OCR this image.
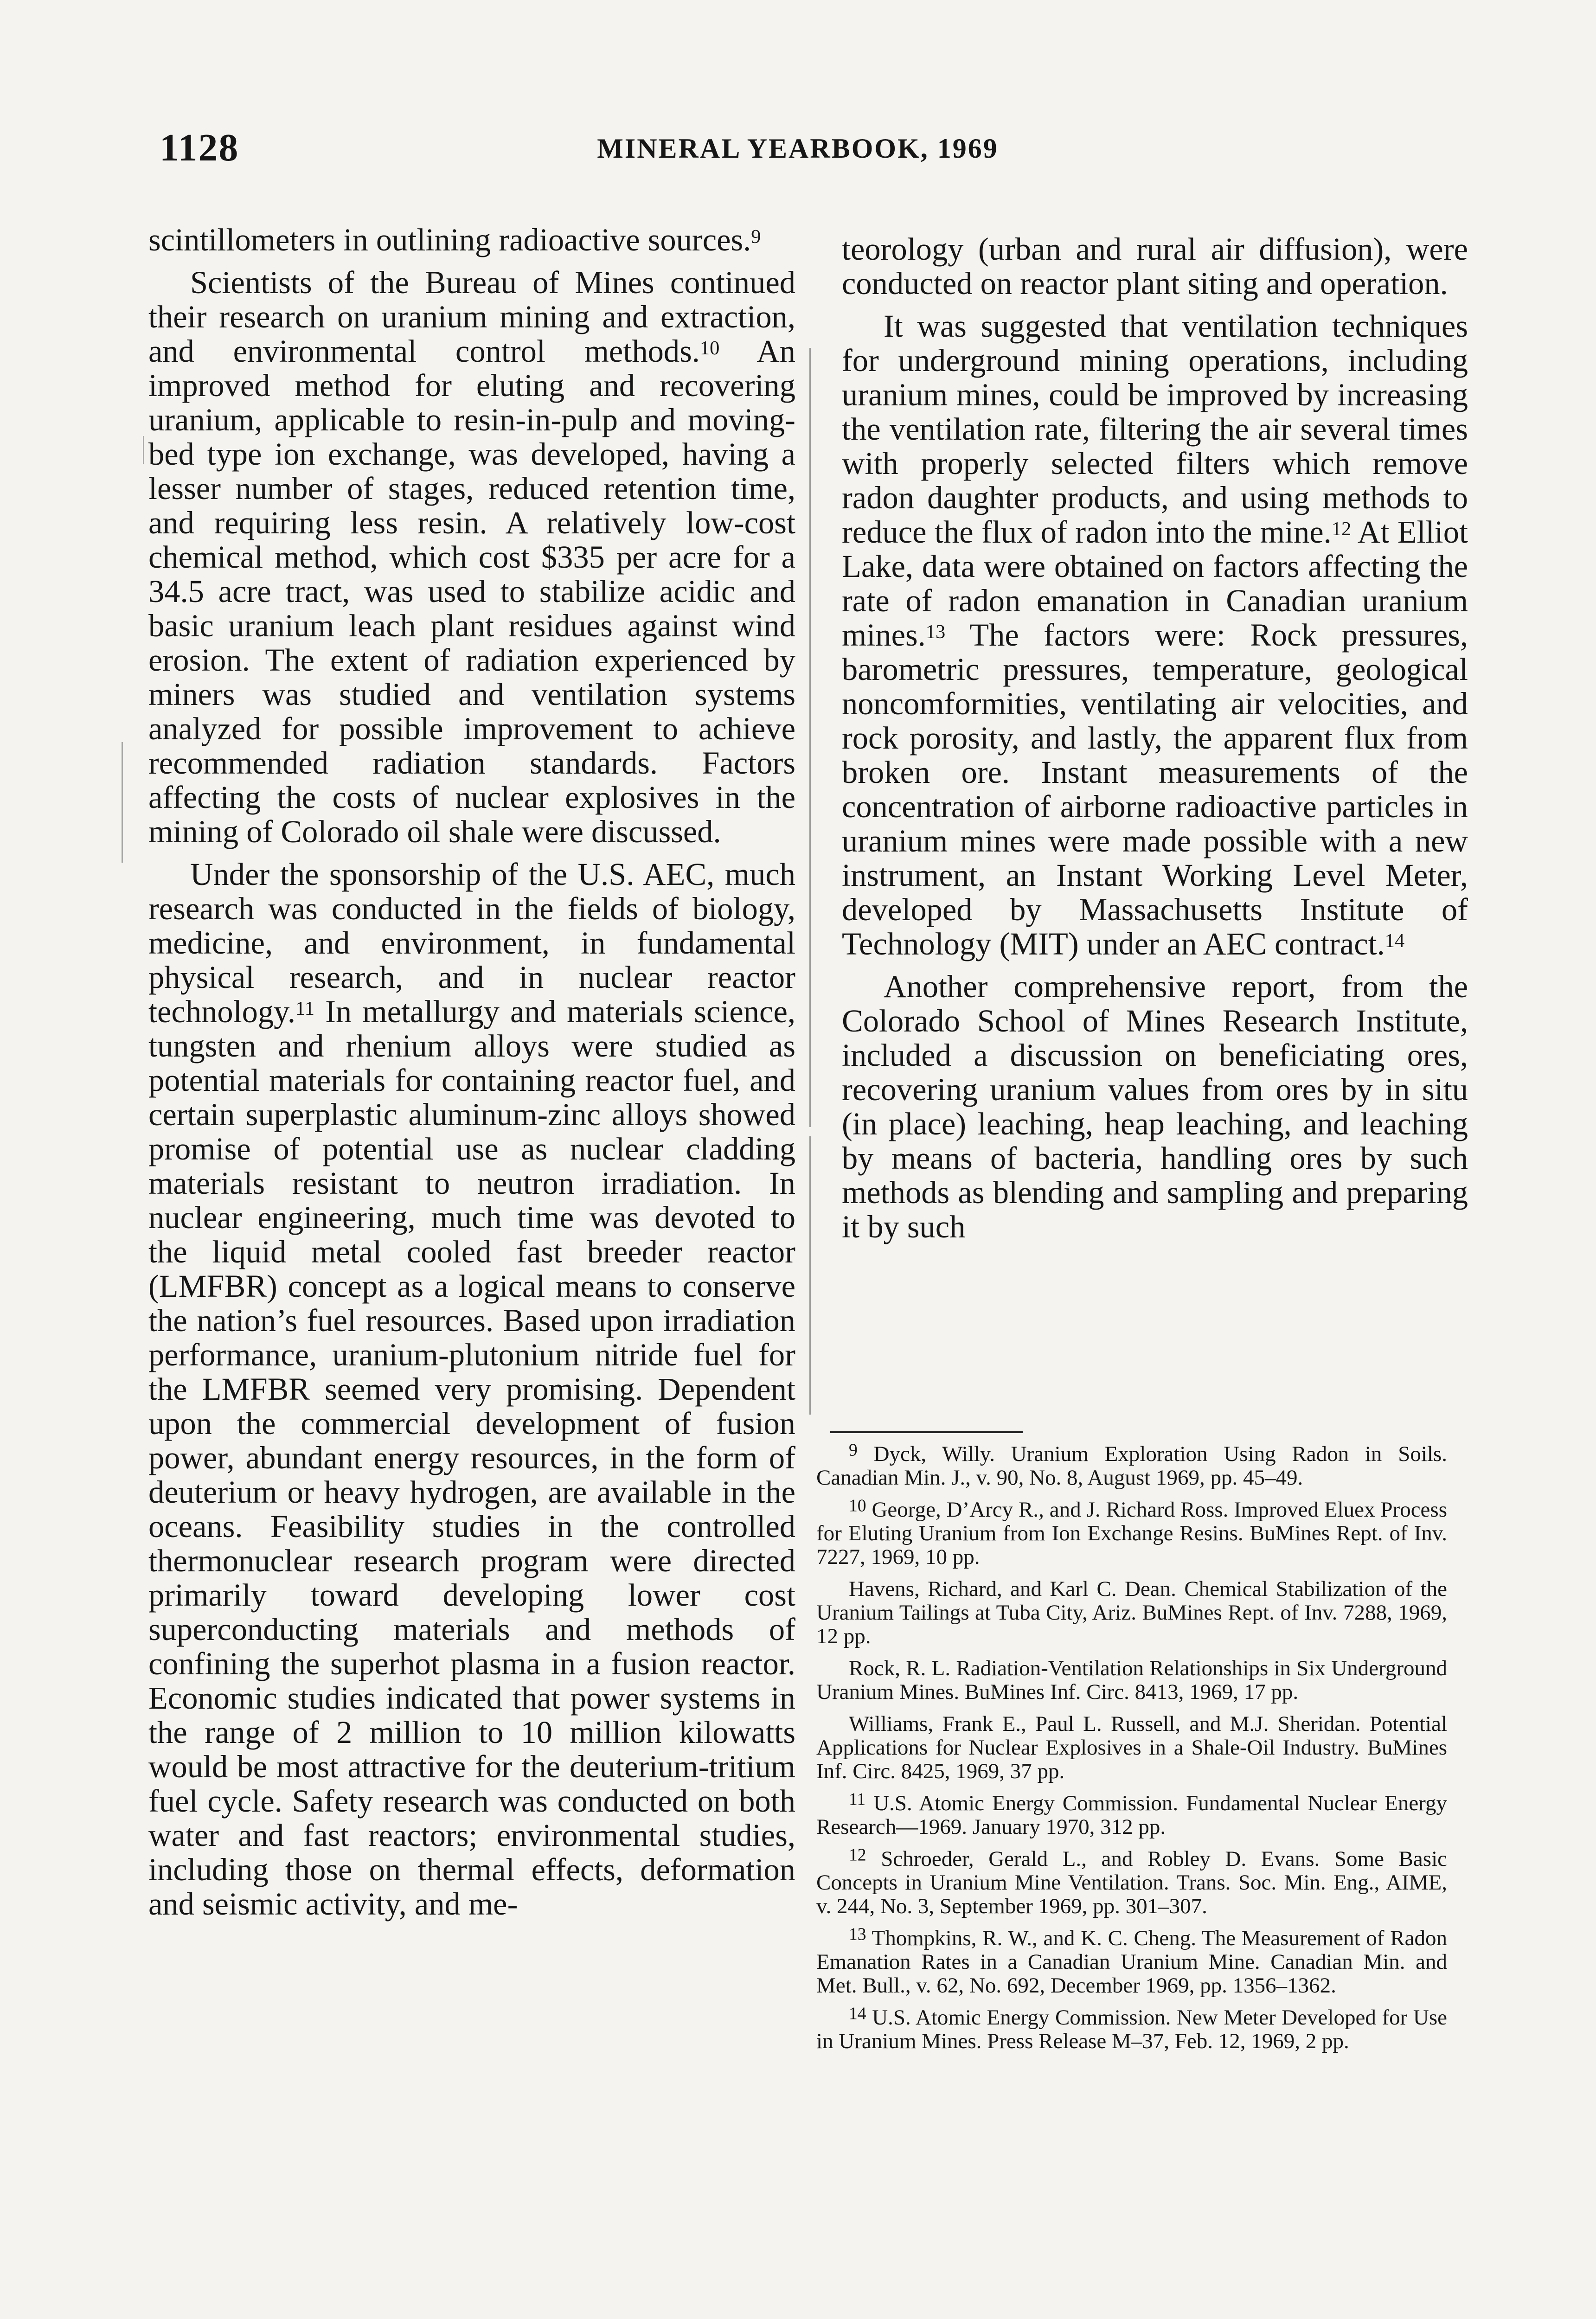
1128	MINERAL YEARBOOK, 1969

scintillometers in outlining radioactive sources.$^9$

Scientists of the Bureau of Mines continued their research on uranium mining and extraction, and environmental control methods.$^{10}$ An improved method for eluting and recovering uranium, applicable to resin-in-pulp and moving-bed type ion exchange, was developed, having a lesser number of stages, reduced retention time, and requiring less resin. A relatively low-cost chemical method, which cost $335 per acre for a 34.5 acre tract, was used to stabilize acidic and basic uranium leach plant residues against wind erosion. The extent of radiation experienced by miners was studied and ventilation systems analyzed for possible improvement to achieve recommended radiation standards. Factors affecting the costs of nuclear explosives in the mining of Colorado oil shale were discussed.

Under the sponsorship of the U.S. AEC, much research was conducted in the fields of biology, medicine, and environment, in fundamental physical research, and in nuclear reactor technology.$^{11}$ In metallurgy and materials science, tungsten and rhenium alloys were studied as potential materials for containing reactor fuel, and certain superplastic aluminum-zinc alloys showed promise of potential use as nuclear cladding materials resistant to neutron irradiation. In nuclear engineering, much time was devoted to the liquid metal cooled fast breeder reactor (LMFBR) concept as a logical means to conserve the nation’s fuel resources. Based upon irradiation performance, uranium-plutonium nitride fuel for the LMFBR seemed very promising. Dependent upon the commercial development of fusion power, abundant energy resources, in the form of deuterium or heavy hydrogen, are available in the oceans. Feasibility studies in the controlled thermonuclear research program were directed primarily toward developing lower cost superconducting materials and methods of confining the superhot plasma in a fusion reactor. Economic studies indicated that power systems in the range of 2 million to 10 million kilowatts would be most attractive for the deuterium-tritium fuel cycle. Safety research was conducted on both water and fast reactors; environmental studies, including those on thermal effects, deformation and seismic activity, and me-

teorology (urban and rural air diffusion), were conducted on reactor plant siting and operation.

It was suggested that ventilation techniques for underground mining operations, including uranium mines, could be improved by increasing the ventilation rate, filtering the air several times with properly selected filters which remove radon daughter products, and using methods to reduce the flux of radon into the mine.$^{12}$ At Elliot Lake, data were obtained on factors affecting the rate of radon emanation in Canadian uranium mines.$^{13}$ The factors were: Rock pressures, barometric pressures, temperature, geological noncomformities, ventilating air velocities, and rock porosity, and lastly, the apparent flux from broken ore. Instant measurements of the concentration of airborne radioactive particles in uranium mines were made possible with a new instrument, an Instant Working Level Meter, developed by Massachusetts Institute of Technology (MIT) under an AEC contract.$^{14}$

Another comprehensive report, from the Colorado School of Mines Research Institute, included a discussion on beneficiating ores, recovering uranium values from ores by in situ (in place) leaching, heap leaching, and leaching by means of bacteria, handling ores by such methods as blending and sampling and preparing it by such

$^9$ Dyck, Willy. Uranium Exploration Using Radon in Soils. Canadian Min. J., v. 90, No. 8, August 1969, pp. 45–49.

$^{10}$ George, D’Arcy R., and J. Richard Ross. Improved Eluex Process for Eluting Uranium from Ion Exchange Resins. BuMines Rept. of Inv. 7227, 1969, 10 pp.

Havens, Richard, and Karl C. Dean. Chemical Stabilization of the Uranium Tailings at Tuba City, Ariz. BuMines Rept. of Inv. 7288, 1969, 12 pp.

Rock, R. L. Radiation-Ventilation Relationships in Six Underground Uranium Mines. BuMines Inf. Circ. 8413, 1969, 17 pp.

Williams, Frank E., Paul L. Russell, and M.J. Sheridan. Potential Applications for Nuclear Explosives in a Shale-Oil Industry. BuMines Inf. Circ. 8425, 1969, 37 pp.

$^{11}$ U.S. Atomic Energy Commission. Fundamental Nuclear Energy Research—1969. January 1970, 312 pp.

$^{12}$ Schroeder, Gerald L., and Robley D. Evans. Some Basic Concepts in Uranium Mine Ventilation. Trans. Soc. Min. Eng., AIME, v. 244, No. 3, September 1969, pp. 301–307.

$^{13}$ Thompkins, R. W., and K. C. Cheng. The Measurement of Radon Emanation Rates in a Canadian Uranium Mine. Canadian Min. and Met. Bull., v. 62, No. 692, December 1969, pp. 1356–1362.

$^{14}$ U.S. Atomic Energy Commission. New Meter Developed for Use in Uranium Mines. Press Release M–37, Feb. 12, 1969, 2 pp.
